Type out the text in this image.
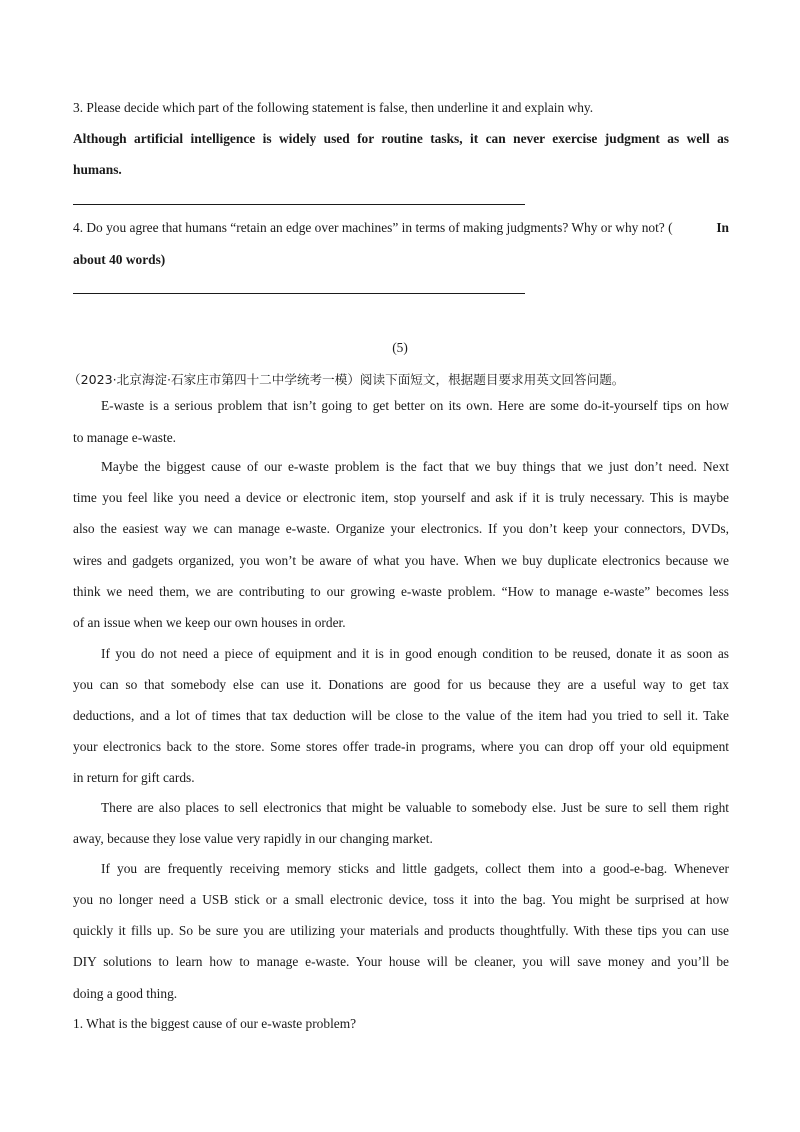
3. Please decide which part of the following statement is false, then underline it and explain why.
Although artificial intelligence is widely used for routine tasks, it can never exercise judgment as well as
humans.
4. Do you agree that humans “retain an edge over machines” in terms of making judgments? Why or why not? (	In
about 40 words)
(5)
（2023·北京海淀·石家庄市第四十二中学统考一模）阅读下面短文，根据题目要求用英文回答问题。
E-waste is a serious problem that isn’t going to get better on its own. Here are some do-it-yourself tips on how
to manage e-waste.
Maybe the biggest cause of our e-waste problem is the fact that we buy things that we just don’t need. Next
time you feel like you need a device or electronic item, stop yourself and ask if it is truly necessary. This is maybe
also the easiest way we can manage e-waste. Organize your electronics. If you don’t keep your connectors, DVDs,
wires and gadgets organized, you won’t be aware of what you have. When we buy duplicate electronics because we
think we need them, we are contributing to our growing e-waste problem. “How to manage e-waste” becomes less
of an issue when we keep our own houses in order.
If you do not need a piece of equipment and it is in good enough condition to be reused, donate it as soon as
you can so that somebody else can use it. Donations are good for us because they are a useful way to get tax
deductions, and a lot of times that tax deduction will be close to the value of the item had you tried to sell it. Take
your electronics back to the store. Some stores offer trade-in programs, where you can drop off your old equipment
in return for gift cards.
There are also places to sell electronics that might be valuable to somebody else. Just be sure to sell them right
away, because they lose value very rapidly in our changing market.
If you are frequently receiving memory sticks and little gadgets, collect them into a good-e-bag. Whenever
you no longer need a USB stick or a small electronic device, toss it into the bag. You might be surprised at how
quickly it fills up. So be sure you are utilizing your materials and products thoughtfully. With these tips you can use
DIY solutions to learn how to manage e-waste. Your house will be cleaner, you will save money and you’ll be
doing a good thing.
1. What is the biggest cause of our e-waste problem?
